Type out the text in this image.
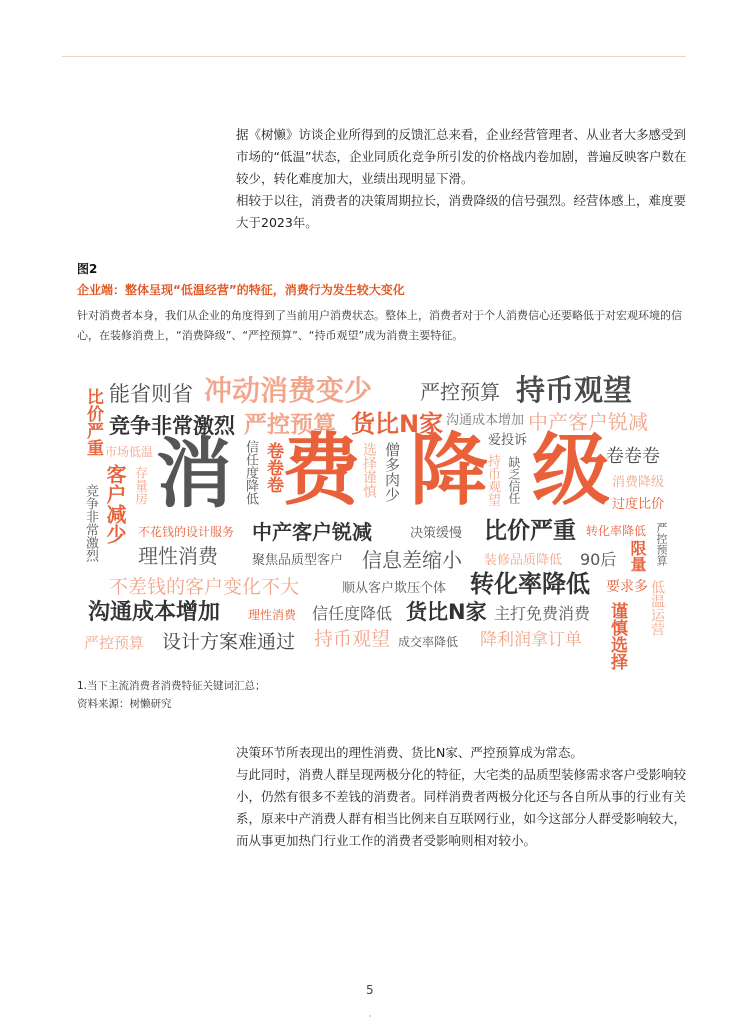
据《树懒》访谈企业所得到的反馈汇总来看，企业经营管理者、从业者大多感受到市场的“低温”状态，企业同质化竞争所引发的价格战内卷加剧，普遍反映客户数在较少，转化难度加大，业绩出现明显下滑。

相较于以往，消费者的决策周期拉长，消费降级的信号强烈。经营体感上，难度要大于2023年。

图2
企业端：整体呈现“低温经营”的特征，消费行为发生较大变化
针对消费者本身，我们从企业的角度得到了当前用户消费状态。整体上，消费者对于个人消费信心还要略低于对宏观环境的信心，在装修消费上，“消费降级”、“严控预算”、“持币观望”成为消费主要特征。
比价严重 能省则省 冲动消费变少 严控预算 持币观望
竞争非常激烈 严控预算 货比N家 沟通成本增加 中产客户锐减
市场低温
客户减少 存量房
竞争非常激烈
消 信任度降低 卷卷卷 费 选择谨慎 僧多肉少 降 爱投诉
持币观望 缺乏信任 级
卷卷卷
消费降级
过度比价
不花钱的设计服务 中产客户锐减	决策缓慢 比价严重 转化率降低 严控预算
理性消费	聚焦品质型客户 信息差缩小 装修品质降低 90后 限量
不差钱的客户变化不大	顺从客户欺压个体 转化率降低 要求多 低温运营
沟通成本增加 理性消费 信任度降低 货比N家 主打免费消费 谨慎选择
严控预算 设计方案难通过 持币观望 成交率降低 降利润拿订单
1.当下主流消费者消费特征关键词汇总；
资料来源：树懒研究

决策环节所表现出的理性消费、货比N家、严控预算成为常态。

与此同时，消费人群呈现两极分化的特征，大宅类的品质型装修需求客户受影响较小，仍然有很多不差钱的消费者。同样消费者两极分化还与各自所从事的行业有关系，原来中产消费人群有相当比例来自互联网行业，如今这部分人群受影响较大，而从事更加热门行业工作的消费者受影响则相对较小。

5
